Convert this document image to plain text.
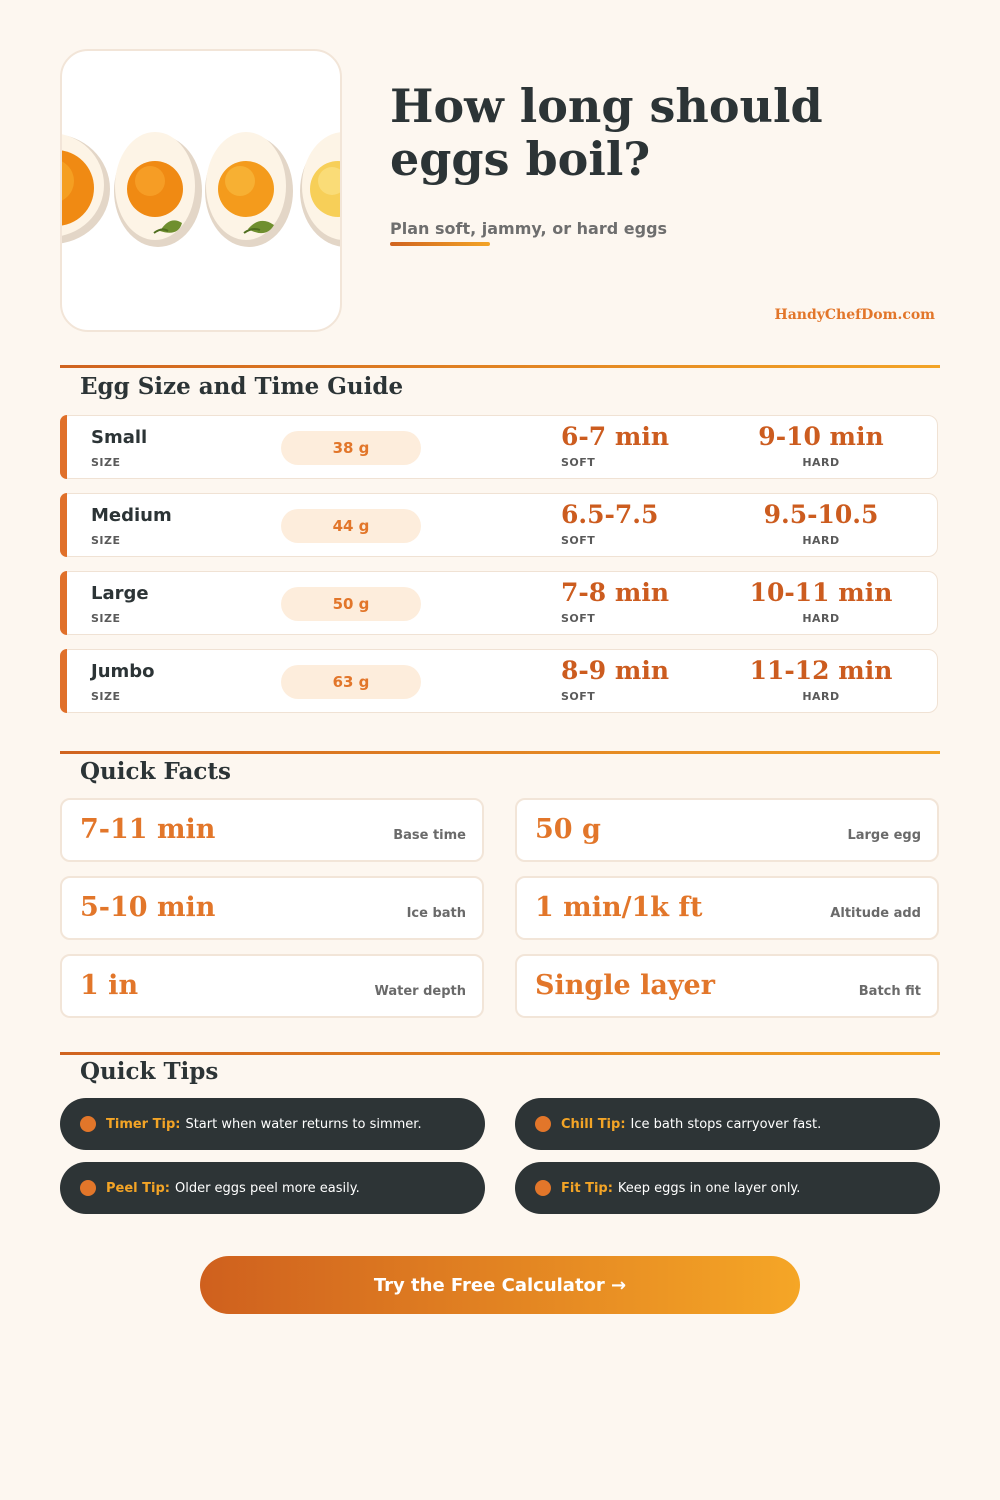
How long should eggs boil?
Plan soft, jammy, or hard eggs
HandyChefDom.com
Egg Size and Time Guide
Small
SIZE
38 g	6-7 min
SOFT
9-10 min
HARD
Medium
SIZE
44 g	6.5-7.5
SOFT
9.5-10.5
HARD
Large
SIZE
50 g	7-8 min
SOFT
10-11 min
HARD
Jumbo
SIZE
63 g	8-9 min
SOFT
11-12 min
HARD
Quick Facts
7-11 min	Base time	50 g	Large egg
5-10 min	Ice bath	1 min/1k ft	Altitude add
1 in	Water depth	Single layer	Batch fit
Quick Tips
Timer Tip: Start when water returns to simmer.	Chill Tip: Ice bath stops carryover fast.
Peel Tip: Older eggs peel more easily.	Fit Tip: Keep eggs in one layer only.
Try the Free Calculator →
